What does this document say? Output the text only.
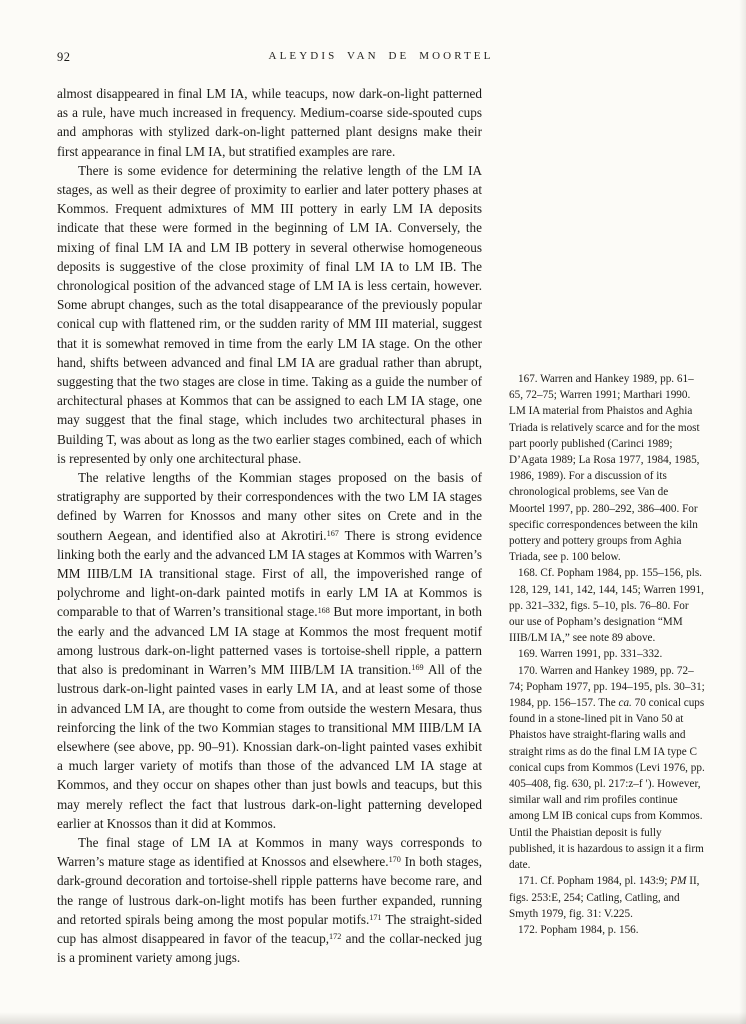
92	ALEYDIS VAN DE MOORTEL

almost disappeared in final LM IA, while teacups, now dark-on-light patterned as a rule, have much increased in frequency. Medium-coarse side-spouted cups and amphoras with stylized dark-on-light patterned plant designs make their first appearance in final LM IA, but stratified examples are rare.

There is some evidence for determining the relative length of the LM IA stages, as well as their degree of proximity to earlier and later pottery phases at Kommos. Frequent admixtures of MM III pottery in early LM IA deposits indicate that these were formed in the beginning of LM IA. Conversely, the mixing of final LM IA and LM IB pottery in several otherwise homogeneous deposits is suggestive of the close proximity of final LM IA to LM IB. The chronological position of the advanced stage of LM IA is less certain, however. Some abrupt changes, such as the total disappearance of the previously popular conical cup with flattened rim, or the sudden rarity of MM III material, suggest that it is somewhat removed in time from the early LM IA stage. On the other hand, shifts between advanced and final LM IA are gradual rather than abrupt, suggesting that the two stages are close in time. Taking as a guide the number of architectural phases at Kommos that can be assigned to each LM IA stage, one may suggest that the final stage, which includes two architectural phases in Building T, was about as long as the two earlier stages combined, each of which is represented by only one architectural phase.

The relative lengths of the Kommian stages proposed on the basis of stratigraphy are supported by their correspondences with the two LM IA stages defined by Warren for Knossos and many other sites on Crete and in the southern Aegean, and identified also at Akrotiri.$^{167}$ There is strong evidence linking both the early and the advanced LM IA stages at Kommos with Warren’s MM IIIB/LM IA transitional stage. First of all, the impoverished range of polychrome and light-on-dark painted motifs in early LM IA at Kommos is comparable to that of Warren’s transitional stage.$^{168}$ But more important, in both the early and the advanced LM IA stage at Kommos the most frequent motif among lustrous dark-on-light patterned vases is tortoise-shell ripple, a pattern that also is predominant in Warren’s MM IIIB/LM IA transition.$^{169}$ All of the lustrous dark-on-light painted vases in early LM IA, and at least some of those in advanced LM IA, are thought to come from outside the western Mesara, thus reinforcing the link of the two Kommian stages to transitional MM IIIB/LM IA elsewhere (see above, pp. 90–91). Knossian dark-on-light painted vases exhibit a much larger variety of motifs than those of the advanced LM IA stage at Kommos, and they occur on shapes other than just bowls and teacups, but this may merely reflect the fact that lustrous dark-on-light patterning developed earlier at Knossos than it did at Kommos.

The final stage of LM IA at Kommos in many ways corresponds to Warren’s mature stage as identified at Knossos and elsewhere.$^{170}$ In both stages, dark-ground decoration and tortoise-shell ripple patterns have become rare, and the range of lustrous dark-on-light motifs has been further expanded, running and retorted spirals being among the most popular motifs.$^{171}$ The straight-sided cup has almost disappeared in favor of the teacup,$^{172}$ and the collar-necked jug is a prominent variety among jugs.

167. Warren and Hankey 1989, pp. 61–65, 72–75; Warren 1991; Marthari 1990. LM IA material from Phaistos and Aghia Triada is relatively scarce and for the most part poorly published (Carinci 1989; D’Agata 1989; La Rosa 1977, 1984, 1985, 1986, 1989). For a discussion of its chronological problems, see Van de Moortel 1997, pp. 280–292, 386–400. For specific correspondences between the kiln pottery and pottery groups from Aghia Triada, see p. 100 below.

168. Cf. Popham 1984, pp. 155–156, pls. 128, 129, 141, 142, 144, 145; Warren 1991, pp. 321–332, figs. 5–10, pls. 76–80. For our use of Popham’s designation “MM IIIB/LM IA,” see note 89 above.

169. Warren 1991, pp. 331–332.

170. Warren and Hankey 1989, pp. 72–74; Popham 1977, pp. 194–195, pls. 30–31; 1984, pp. 156–157. The ca. 70 conical cups found in a stone-lined pit in Vano 50 at Phaistos have straight-flaring walls and straight rims as do the final LM IA type C conical cups from Kommos (Levi 1976, pp. 405–408, fig. 630, pl. 217:z–f ′). However, similar wall and rim profiles continue among LM IB conical cups from Kommos. Until the Phaistian deposit is fully published, it is hazardous to assign it a firm date.

171. Cf. Popham 1984, pl. 143:9; PM II, figs. 253:E, 254; Catling, Catling, and Smyth 1979, fig. 31: V.225.

172. Popham 1984, p. 156.
